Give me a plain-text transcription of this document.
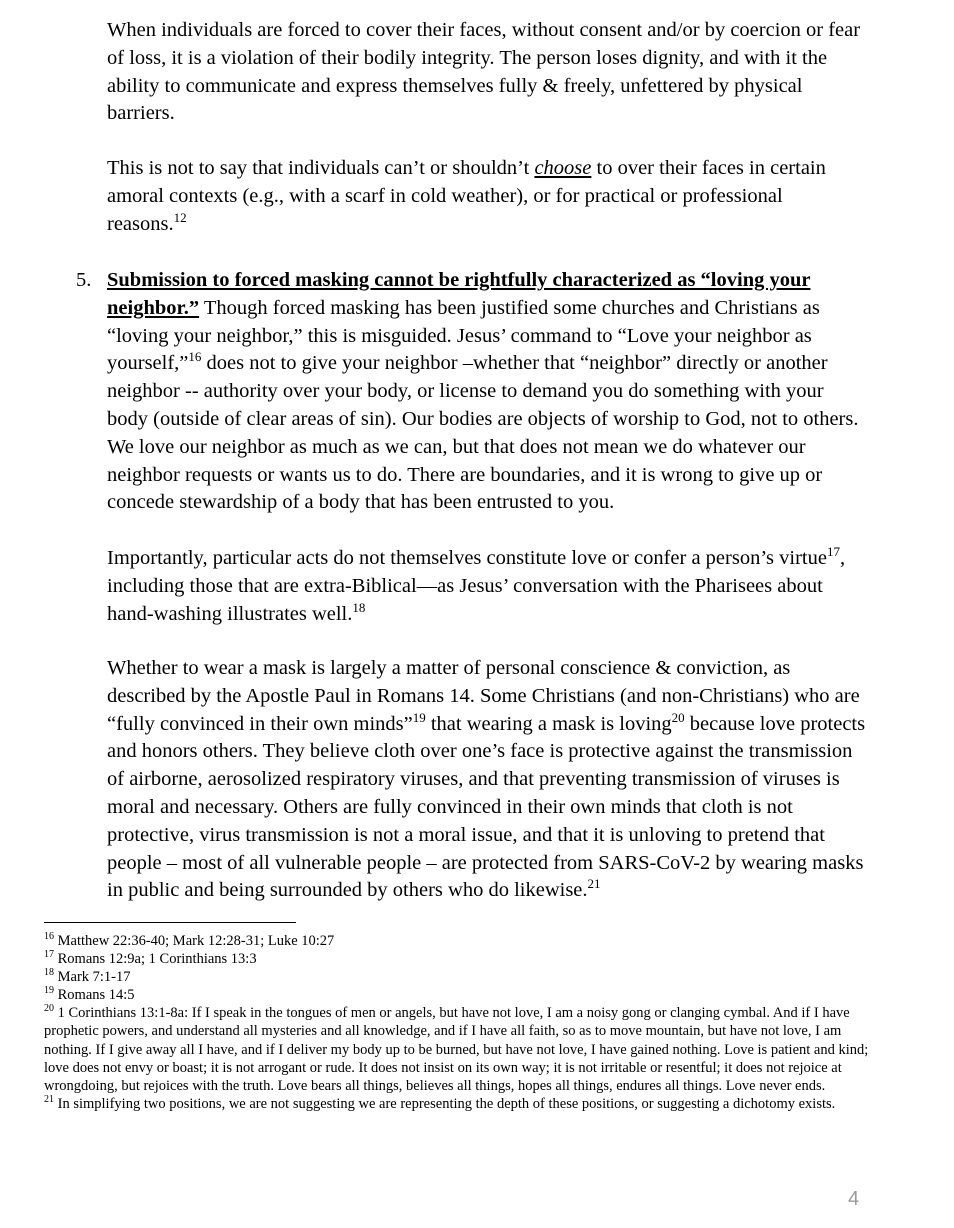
When individuals are forced to cover their faces, without consent and/or by coercion or fear of loss, it is a violation of their bodily integrity. The person loses dignity, and with it the ability to communicate and express themselves fully & freely, unfettered by physical barriers.

This is not to say that individuals can’t or shouldn’t choose to over their faces in certain amoral contexts (e.g., with a scarf in cold weather), or for practical or professional reasons.$^{12}$

5. Submission to forced masking cannot be rightfully characterized as “loving your neighbor.” Though forced masking has been justified some churches and Christians as “loving your neighbor,” this is misguided. Jesus’ command to “Love your neighbor as yourself,”$^{16}$ does not to give your neighbor –whether that “neighbor” directly or another neighbor -- authority over your body, or license to demand you do something with your body (outside of clear areas of sin). Our bodies are objects of worship to God, not to others. We love our neighbor as much as we can, but that does not mean we do whatever our neighbor requests or wants us to do. There are boundaries, and it is wrong to give up or concede stewardship of a body that has been entrusted to you.

Importantly, particular acts do not themselves constitute love or confer a person’s virtue$^{17}$, including those that are extra-Biblical—as Jesus’ conversation with the Pharisees about hand-washing illustrates well.$^{18}$

Whether to wear a mask is largely a matter of personal conscience & conviction, as described by the Apostle Paul in Romans 14. Some Christians (and non-Christians) who are “fully convinced in their own minds”$^{19}$ that wearing a mask is loving$^{20}$ because love protects and honors others. They believe cloth over one’s face is protective against the transmission of airborne, aerosolized respiratory viruses, and that preventing transmission of viruses is moral and necessary. Others are fully convinced in their own minds that cloth is not protective, virus transmission is not a moral issue, and that it is unloving to pretend that people – most of all vulnerable people – are protected from SARS-CoV-2 by wearing masks in public and being surrounded by others who do likewise.$^{21}$

$^{16}$ Matthew 22:36-40; Mark 12:28-31; Luke 10:27

$^{17}$ Romans 12:9a; 1 Corinthians 13:3

$^{18}$ Mark 7:1-17

$^{19}$ Romans 14:5

$^{20}$ 1 Corinthians 13:1-8a: If I speak in the tongues of men or angels, but have not love, I am a noisy gong or clanging cymbal. And if I have prophetic powers, and understand all mysteries and all knowledge, and if I have all faith, so as to move mountain, but have not love, I am nothing. If I give away all I have, and if I deliver my body up to be burned, but have not love, I have gained nothing. Love is patient and kind; love does not envy or boast; it is not arrogant or rude. It does not insist on its own way; it is not irritable or resentful; it does not rejoice at wrongdoing, but rejoices with the truth. Love bears all things, believes all things, hopes all things, endures all things. Love never ends.

$^{21}$ In simplifying two positions, we are not suggesting we are representing the depth of these positions, or suggesting a dichotomy exists.

4
